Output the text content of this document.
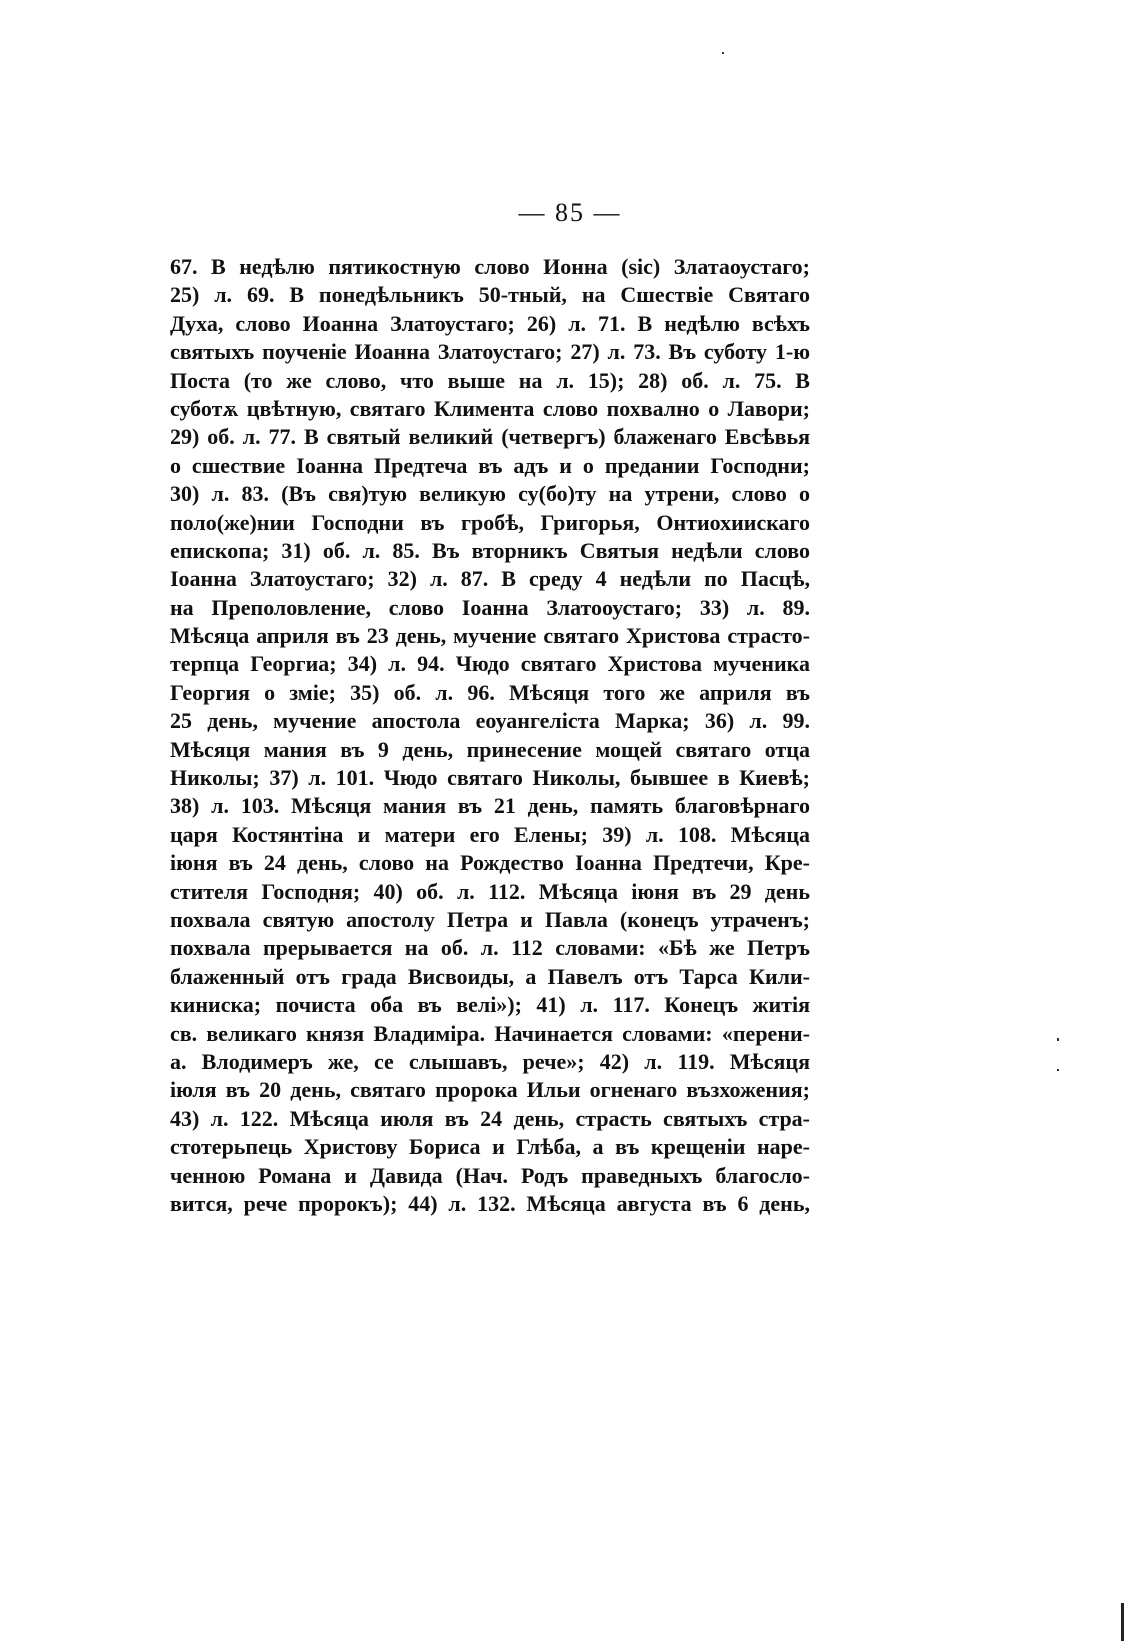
— 85 —
67. В недѣлю пятикостную слово Ионна (sic) Златаоустаго;
25) л. 69. В понедѣльникъ 50-тный, на Сшествіе Святаго
Духа, слово Иоанна Златоустаго; 26) л. 71. В недѣлю всѣхъ
святыхъ поученіе Иоанна Златоустаго; 27) л. 73. Въ суботу 1-ю
Поста (то же слово, что выше на л. 15); 28) об. л. 75. В
суботѫ цвѣтную, святаго Климента слово похвално о Лавори;
29) об. л. 77. В святый великий (четвергъ) блаженаго Евсѣвья
о сшествие Іоанна Предтеча въ адъ и о предании Господни;
30) л. 83. (Въ свя)тую великую су(бо)ту на утрени, слово о
поло(же)нии Господни въ гробѣ, Григорья, Онтиохиискаго
епископа; 31) об. л. 85. Въ вторникъ Святыя недѣли слово
Іоанна Златоустаго; 32) л. 87. В среду 4 недѣли по Пасцѣ,
на Преполовление, слово Іоанна Златооустаго; 33) л. 89.
Мѣсяца априля въ 23 день, мучение святаго Христова страсто-
терпца Георгиа; 34) л. 94. Чюдо святаго Христова мученика
Георгия о зміе; 35) об. л. 96. Мѣсяця того же априля въ
25 день, мучение апостола еоуангеліста Марка; 36) л. 99.
Мѣсяця мания въ 9 день, принесение мощей святаго отца
Николы; 37) л. 101. Чюдо святаго Николы, бывшее в Киевѣ;
38) л. 103. Мѣсяця мания въ 21 день, память благовѣрнаго
царя Костянтіна и матери его Елены; 39) л. 108. Мѣсяца
іюня въ 24 день, слово на Рождество Іоанна Предтечи, Кре-
стителя Господня; 40) об. л. 112. Мѣсяца іюня въ 29 день
похвала святую апостолу Петра и Павла (конецъ утраченъ;
похвала прерывается на об. л. 112 словами: «Бѣ же Петръ
блаженный отъ града Висвоиды, а Павелъ отъ Тарса Кили-
киниска; почиста оба въ велі»); 41) л. 117. Конецъ житія
св. великаго князя Владиміра. Начинается словами: «перени-
а. Влодимеръ же, се слышавъ, рече»; 42) л. 119. Мѣсяця
іюля въ 20 день, святаго пророка Ильи огненаго възхожения;
43) л. 122. Мѣсяца июля въ 24 день, страсть святыхъ стра-
стотерьпець Христову Бориса и Глѣба, а въ крещеніи наре-
ченною Романа и Давида (Нач. Родъ праведныхъ благосло-
вится, рече пророкъ); 44) л. 132. Мѣсяца августа въ 6 день,
